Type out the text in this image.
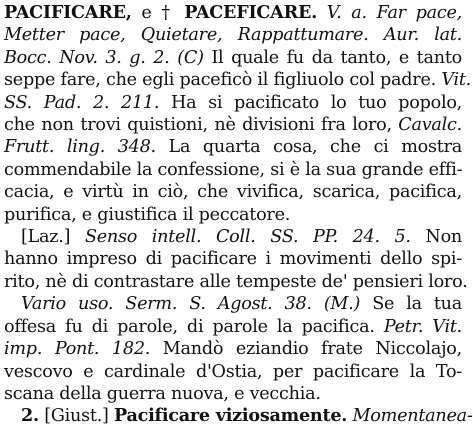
PACIFICARE, e † PACEFICARE. V. a. Far pace,
Metter pace, Quietare, Rappattumare. Aur. lat.
Bocc. Nov. 3. g. 2. (C) Il quale fu da tanto, e tanto
seppe fare, che egli paceficò il figliuolo col padre. Vit.
SS. Pad. 2. 211. Ha si pacificato lo tuo popolo,
che non trovi quistioni, nè divisioni fra loro, Cavalc.
Frutt. ling. 348. La quarta cosa, che ci mostra
commendabile la confessione, si è la sua grande effi-
cacia, e virtù in ciò, che vivifica, scarica, pacifica,
purifica, e giustifica il peccatore.
[Laz.] Senso intell. Coll. SS. PP. 24. 5. Non
hanno impreso di pacificare i movimenti dello spi-
rito, nè di contrastare alle tempeste de' pensieri loro.
Vario uso. Serm. S. Agost. 38. (M.) Se la tua
offesa fu di parole, di parole la pacifica. Petr. Vit.
imp. Pont. 182. Mandò eziandio frate Niccolajo,
vescovo e cardinale d'Ostia, per pacificare la To-
scana della guerra nuova, e vecchia.
2. [Giust.] Pacificare viziosamente. Momentanea-
